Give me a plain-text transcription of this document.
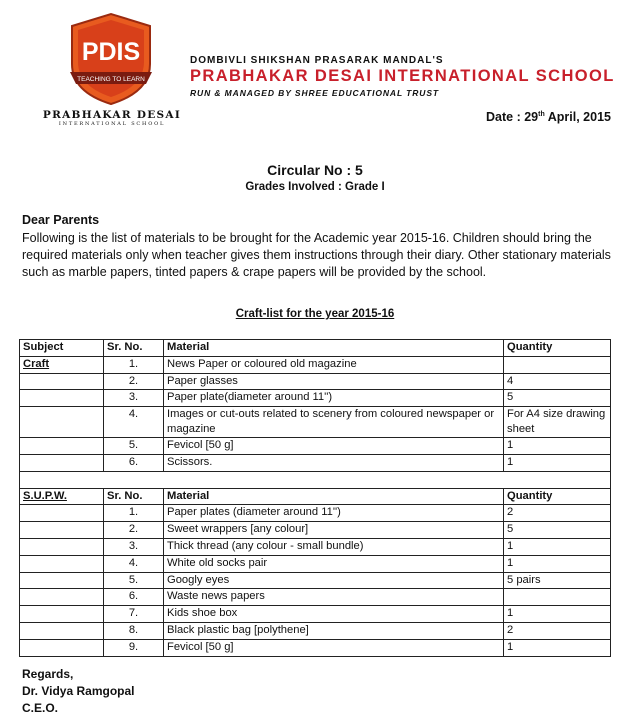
PDIS
TEACHING TO LEARN
PRABHAKAR DESAI
INTERNATIONAL SCHOOL
DOMBIVLI SHIKSHAN PRASARAK MANDAL'S
PRABHAKAR DESAI INTERNATIONAL SCHOOL
RUN & MANAGED BY SHREE EDUCATIONAL TRUST
Date : 29th April, 2015
Circular No : 5
Grades Involved : Grade I
Dear Parents
Following is the list of materials to be brought for the Academic year 2015-16. Children should bring the required materials only when teacher gives them instructions through their diary. Other stationary materials such as marble papers, tinted papers & crape papers will be provided by the school.
Craft-list for the year 2015-16
Subject	Sr. No.	Material	Quantity
Craft	1.	News Paper or coloured old magazine	
	2.	Paper glasses	4
	3.	Paper plate(diameter around 11'')	5
	4.	Images or cut-outs related to scenery from coloured newspaper or magazine	For A4 size drawing sheet
	5.	Fevicol [50 g]	1
	6.	Scissors.	1

S.U.P.W.	Sr. No.	Material	Quantity
	1.	Paper plates (diameter around 11'')	2
	2.	Sweet wrappers [any colour]	5
	3.	Thick thread (any colour - small bundle)	1
	4.	White old socks pair	1
	5.	Googly eyes	5 pairs
	6.	Waste news papers	
	7.	Kids shoe box	1
	8.	Black plastic bag [polythene]	2
	9.	Fevicol [50 g]	1
Regards,
Dr. Vidya Ramgopal
C.E.O.
